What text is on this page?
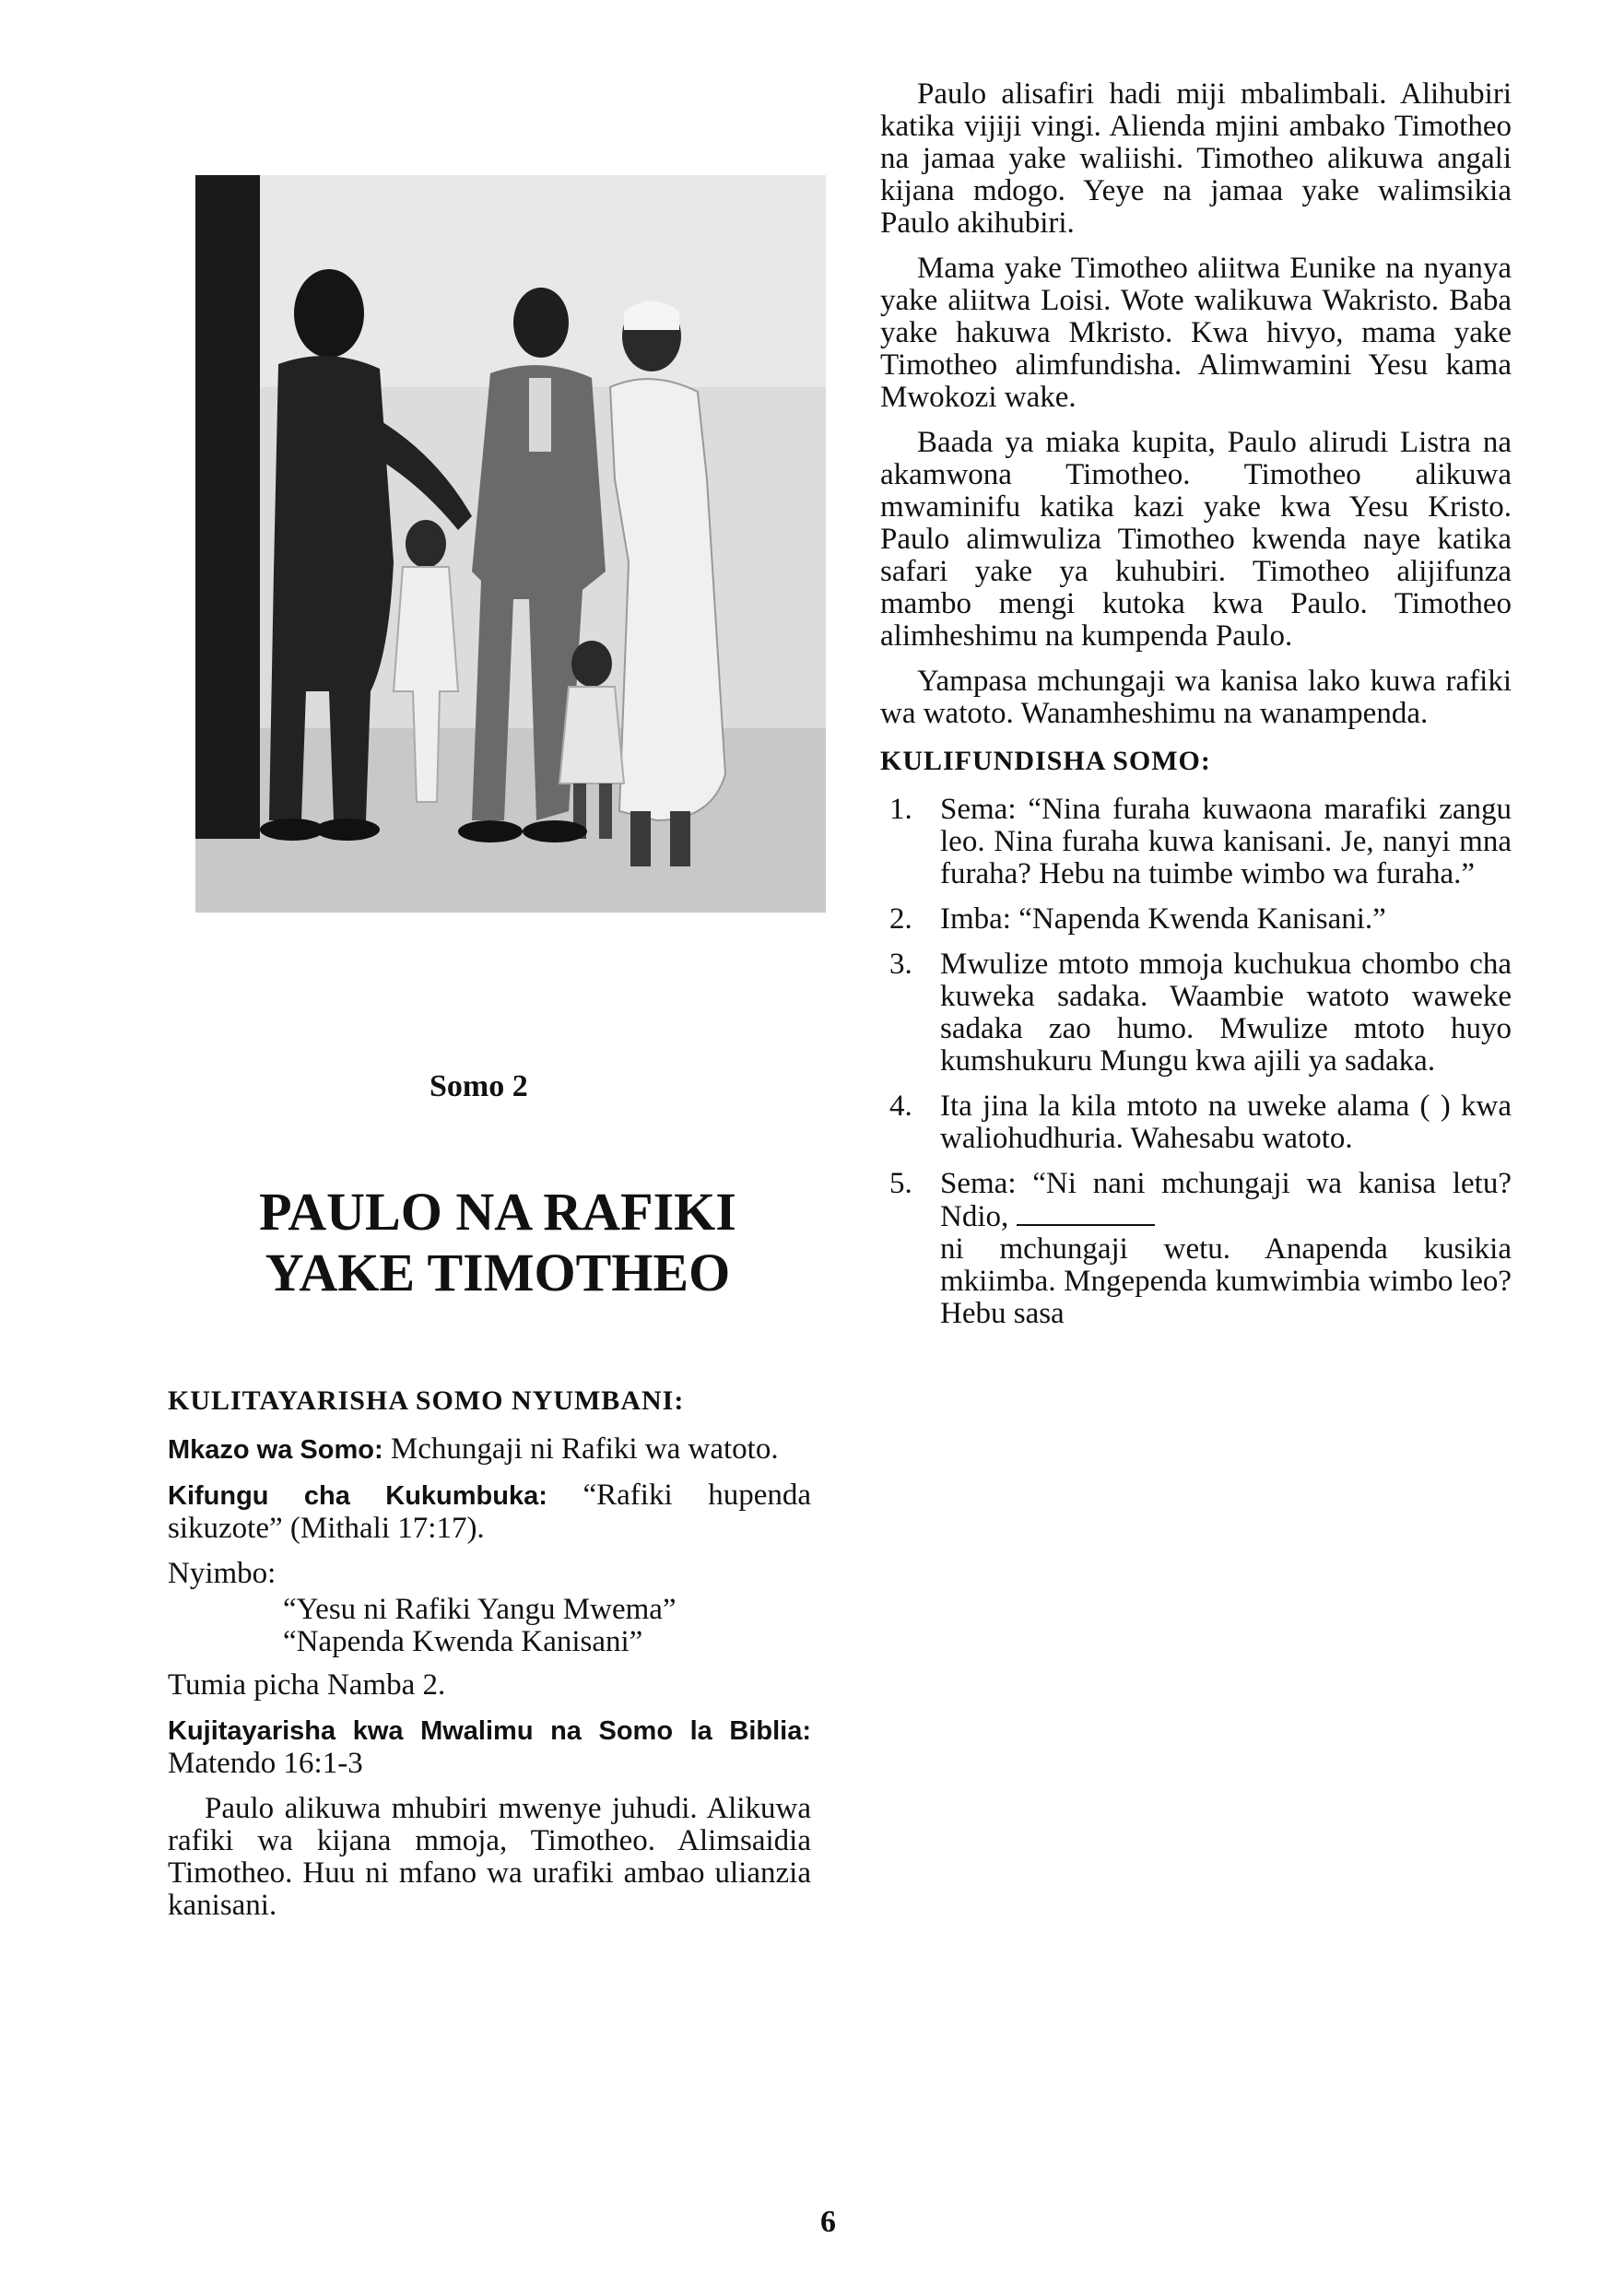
Somo 2
PAULO NA RAFIKI
YAKE TIMOTHEO
KULITAYARISHA SOMO NYUMBANI:

Mkazo wa Somo: Mchungaji ni Rafiki wa watoto.

Kifungu cha Kukumbuka: “Rafiki hupenda sikuzote” (Mithali 17:17).

Nyimbo:
“Yesu ni Rafiki Yangu Mwema”
“Napenda Kwenda Kanisani”

Tumia picha Namba 2.

Kujitayarisha kwa Mwalimu na Somo la Biblia: Matendo 16:1-3

Paulo alikuwa mhubiri mwenye juhudi. Alikuwa rafiki wa kijana mmoja, Timotheo. Alimsaidia Timotheo. Huu ni mfano wa urafiki ambao ulianzia kanisani.

Paulo alisafiri hadi miji mbalimbali. Alihubiri katika vijiji vingi. Alienda mjini ambako Timotheo na jamaa yake waliishi. Timotheo alikuwa angali kijana mdogo. Yeye na jamaa yake walimsikia Paulo akihubiri.

Mama yake Timotheo aliitwa Eunike na nyanya yake aliitwa Loisi. Wote walikuwa Wakristo. Baba yake hakuwa Mkristo. Kwa hivyo, mama yake Timotheo alimfundisha. Alimwamini Yesu kama Mwokozi wake.

Baada ya miaka kupita, Paulo alirudi Listra na akamwona Timotheo. Timotheo alikuwa mwaminifu katika kazi yake kwa Yesu Kristo. Paulo alimwuliza Timotheo kwenda naye katika safari yake ya kuhubiri. Timotheo alijifunza mambo mengi kutoka kwa Paulo. Timotheo alimheshimu na kumpenda Paulo.

Yampasa mchungaji wa kanisa lako kuwa rafiki wa watoto. Wanamheshimu na wanampenda.

KULIFUNDISHA SOMO:
1. Sema: “Nina furaha kuwaona marafiki zangu leo. Nina furaha kuwa kanisani. Je, nanyi mna furaha? Hebu na tuimbe wimbo wa furaha.”
2. Imba: “Napenda Kwenda Kanisani.”
3. Mwulize mtoto mmoja kuchukua chombo cha kuweka sadaka. Waambie watoto waweke sadaka zao humo. Mwulize mtoto huyo kumshukuru Mungu kwa ajili ya sadaka.
4. Ita jina la kila mtoto na uweke alama ( ) kwa waliohudhuria. Wahesabu watoto.
5. Sema: “Ni nani mchungaji wa kanisa letu? Ndio,
ni mchungaji wetu. Anapenda kusikia mkiimba. Mngependa kumwimbia wimbo leo? Hebu sasa
6
